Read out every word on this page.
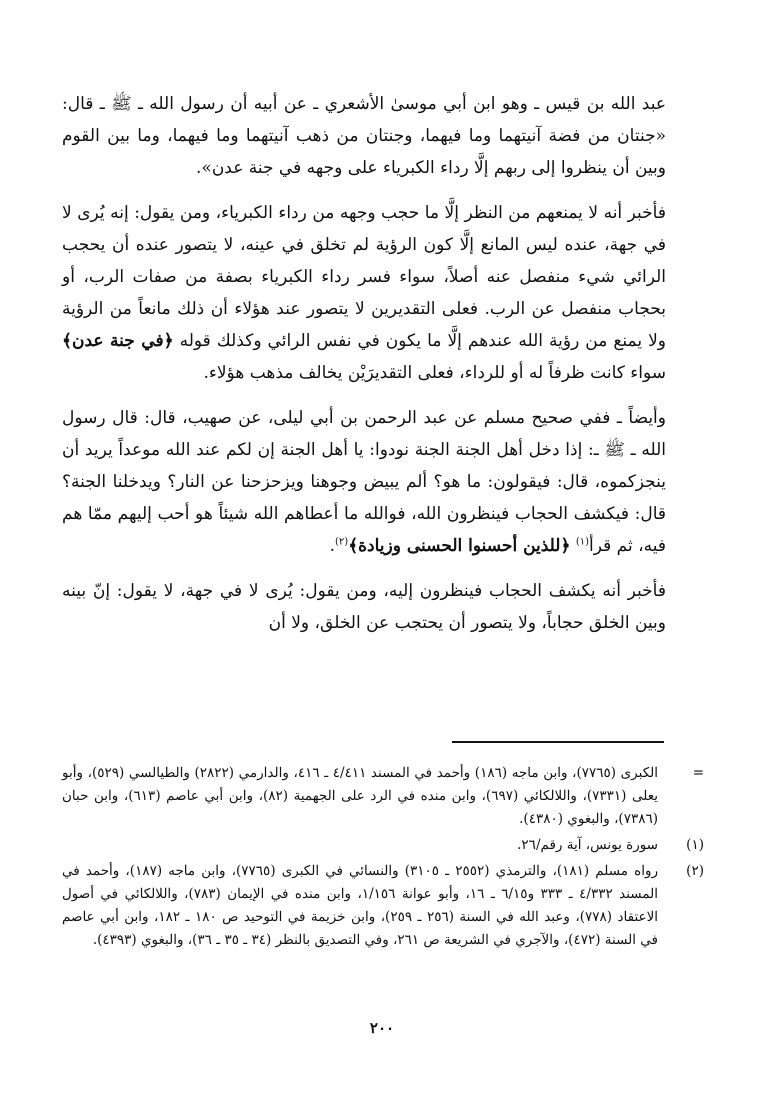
عبد الله بن قيس ـ وهو ابن أبي موسىٰ الأشعري ـ عن أبيه أن رسول الله ـ ﷺ ـ قال: «جنتان من فضة آنيتهما وما فيهما، وجنتان من ذهب آنيتهما وما فيهما، وما بين القوم وبين أن ينظروا إلى ربهم إلَّا رداء الكبرياء على وجهه في جنة عدن».

فأخبر أنه لا يمنعهم من النظر إلَّا ما حجب وجهه من رداء الكبرياء، ومن يقول: إنه يُرى لا في جهة، عنده ليس المانع إلَّا كون الرؤية لم تخلق في عينه، لا يتصور عنده أن يحجب الرائي شيء منفصل عنه أصلاً، سواء فسر رداء الكبرياء بصفة من صفات الرب، أو بحجاب منفصل عن الرب. فعلى التقديرين لا يتصور عند هؤلاء أن ذلك مانعاً من الرؤية ولا يمنع من رؤية الله عندهم إلَّا ما يكون في نفس الرائي وكذلك قوله ﴿في جنة عدن﴾ سواء كانت ظرفاً له أو للرداء، فعلى التقديرَيْن يخالف مذهب هؤلاء.

وأيضاً ـ ففي صحيح مسلم عن عبد الرحمن بن أبي ليلى، عن صهيب، قال: قال رسول الله ـ ﷺ ـ: إذا دخل أهل الجنة الجنة نودوا: يا أهل الجنة إن لكم عند الله موعداً يريد أن ينجزكموه، قال: فيقولون: ما هو؟ ألم يبيض وجوهنا ويزحزحنا عن النار؟ ويدخلنا الجنة؟ قال: فيكشف الحجاب فينظرون الله، فوالله ما أعطاهم الله شيئاً هو أحب إليهم ممّا هم فيه، ثم قرأ$^{(١)}$ ﴿للذين أحسنوا الحسنى وزيادة﴾$^{(٢)}$.

فأخبر أنه يكشف الحجاب فينظرون إليه، ومن يقول: يُرى لا في جهة، لا يقول: إنّ بينه وبين الخلق حجاباً، ولا يتصور أن يحتجب عن الخلق، ولا أن

=
الكبرى (٧٧٦٥)، وابن ماجه (١٨٦) وأحمد في المسند ٤/٤١١ ـ ٤١٦، والدارمي (٢٨٢٢) والطيالسي (٥٢٩)، وأبو يعلى (٧٣٣١)، واللالكائي (٦٩٧)، وابن منده في الرد على الجهمية (٨٢)، وابن أبي عاصم (٦١٣)، وابن حبان (٧٣٨٦)، والبغوي (٤٣٨٠).
(١)
سورة يونس، آية رقم/٢٦.
(٢)
رواه مسلم (١٨١)، والترمذي (٢٥٥٢ ـ ٣١٠٥) والنسائي في الكبرى (٧٧٦٥)، وابن ماجه (١٨٧)، وأحمد في المسند ٤/٣٣٢ ـ ٣٣٣ و٦/١٥ ـ ١٦، وأبو عوانة ١/١٥٦، وابن منده في الإيمان (٧٨٣)، واللالكائي في أصول الاعتقاد (٧٧٨)، وعبد الله في السنة (٢٥٦ ـ ٢٥٩)، وابن خزيمة في التوحيد ص ١٨٠ ـ ١٨٢، وابن أبي عاصم في السنة (٤٧٢)، والآجري في الشريعة ص ٢٦١، وفي التصديق بالنظر (٣٤ ـ ٣٥ ـ ٣٦)، والبغوي (٤٣٩٣).
٢٠٠
